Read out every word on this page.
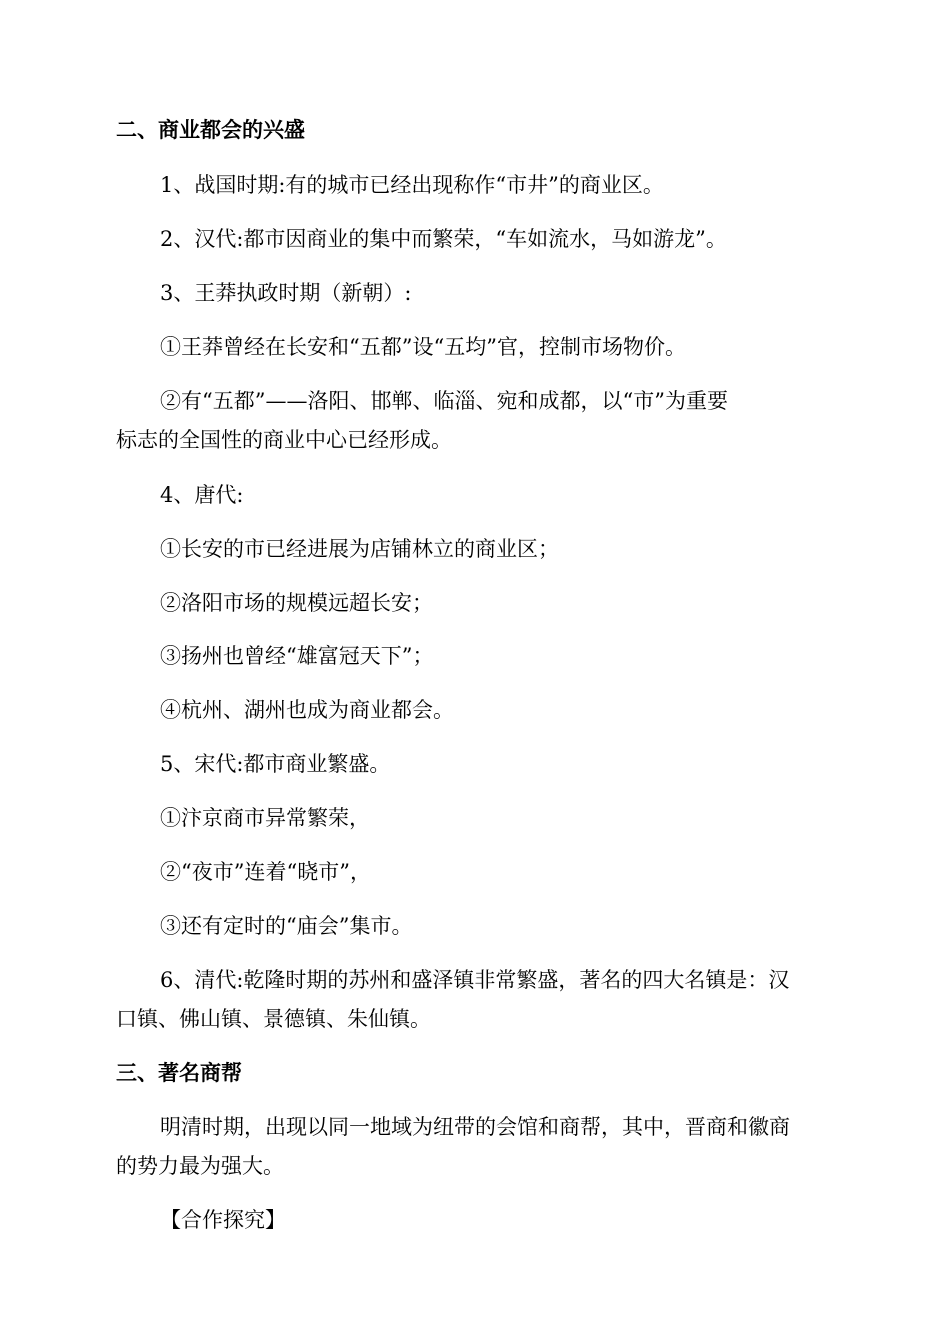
二、商业都会的兴盛
1、战国时期:有的城市已经出现称作“市井”的商业区。
2、汉代:都市因商业的集中而繁荣，“车如流水，马如游龙”。
3、王莽执政时期（新朝）:
①王莽曾经在长安和“五都”设“五均”官，控制市场物价。
②有“五都”——洛阳、邯郸、临淄、宛和成都，以“市”为重要
标志的全国性的商业中心已经形成。
4、唐代:
①长安的市已经进展为店铺林立的商业区；
②洛阳市场的规模远超长安；
③扬州也曾经“雄富冠天下”；
④杭州、湖州也成为商业都会。
5、宋代:都市商业繁盛。
①汴京商市异常繁荣，
②“夜市”连着“晓市”，
③还有定时的“庙会”集市。
6、清代:乾隆时期的苏州和盛泽镇非常繁盛，著名的四大名镇是：汉
口镇、佛山镇、景德镇、朱仙镇。
三、著名商帮
明清时期，出现以同一地域为纽带的会馆和商帮，其中，晋商和徽商
的势力最为强大。
【合作探究】
